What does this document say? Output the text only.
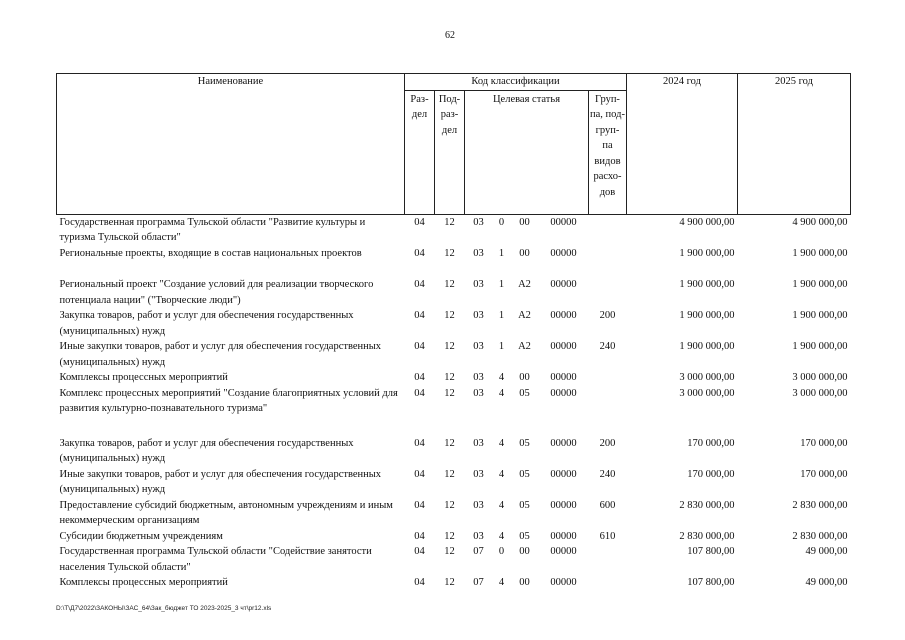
62
Наименование	Код классификации							2024 год	2025 год
	Раз- дел	Под- раз- дел	Целевая статья				Груп- па, под- груп- па видов расхо- дов		
Государственная программа Тульской области "Развитие культуры и туризма Тульской области"	04	12	03	0	00	00000		4 900 000,00	4 900 000,00
Региональные проекты, входящие в состав национальных проектов	04	12	03	1	00	00000		1 900 000,00	1 900 000,00
Региональный проект "Создание условий для реализации творческого потенциала нации" ("Творческие люди")	04	12	03	1	А2	00000		1 900 000,00	1 900 000,00
Закупка товаров, работ и услуг для обеспечения государственных (муниципальных) нужд	04	12	03	1	А2	00000	200	1 900 000,00	1 900 000,00
Иные закупки товаров, работ и услуг для обеспечения государственных (муниципальных) нужд	04	12	03	1	А2	00000	240	1 900 000,00	1 900 000,00
Комплексы процессных мероприятий	04	12	03	4	00	00000		3 000 000,00	3 000 000,00
Комплекс процессных мероприятий "Создание благоприятных условий для развития культурно-познавательного туризма"	04	12	03	4	05	00000		3 000 000,00	3 000 000,00
Закупка товаров, работ и услуг для обеспечения государственных (муниципальных) нужд	04	12	03	4	05	00000	200	170 000,00	170 000,00
Иные закупки товаров, работ и услуг для обеспечения государственных (муниципальных) нужд	04	12	03	4	05	00000	240	170 000,00	170 000,00
Предоставление субсидий бюджетным, автономным учреждениям и иным некоммерческим организациям	04	12	03	4	05	00000	600	2 830 000,00	2 830 000,00
Субсидии бюджетным учреждениям	04	12	03	4	05	00000	610	2 830 000,00	2 830 000,00
Государственная программа Тульской области "Содействие занятости населения Тульской области"	04	12	07	0	00	00000		107 800,00	49 000,00
Комплексы процессных мероприятий	04	12	07	4	00	00000		107 800,00	49 000,00
D:\Т\Д7\2022\ЗАКОНЫ\ЗАС_64\Зак_бюджет ТО 2023-2025_3 чт\pr12.xls
